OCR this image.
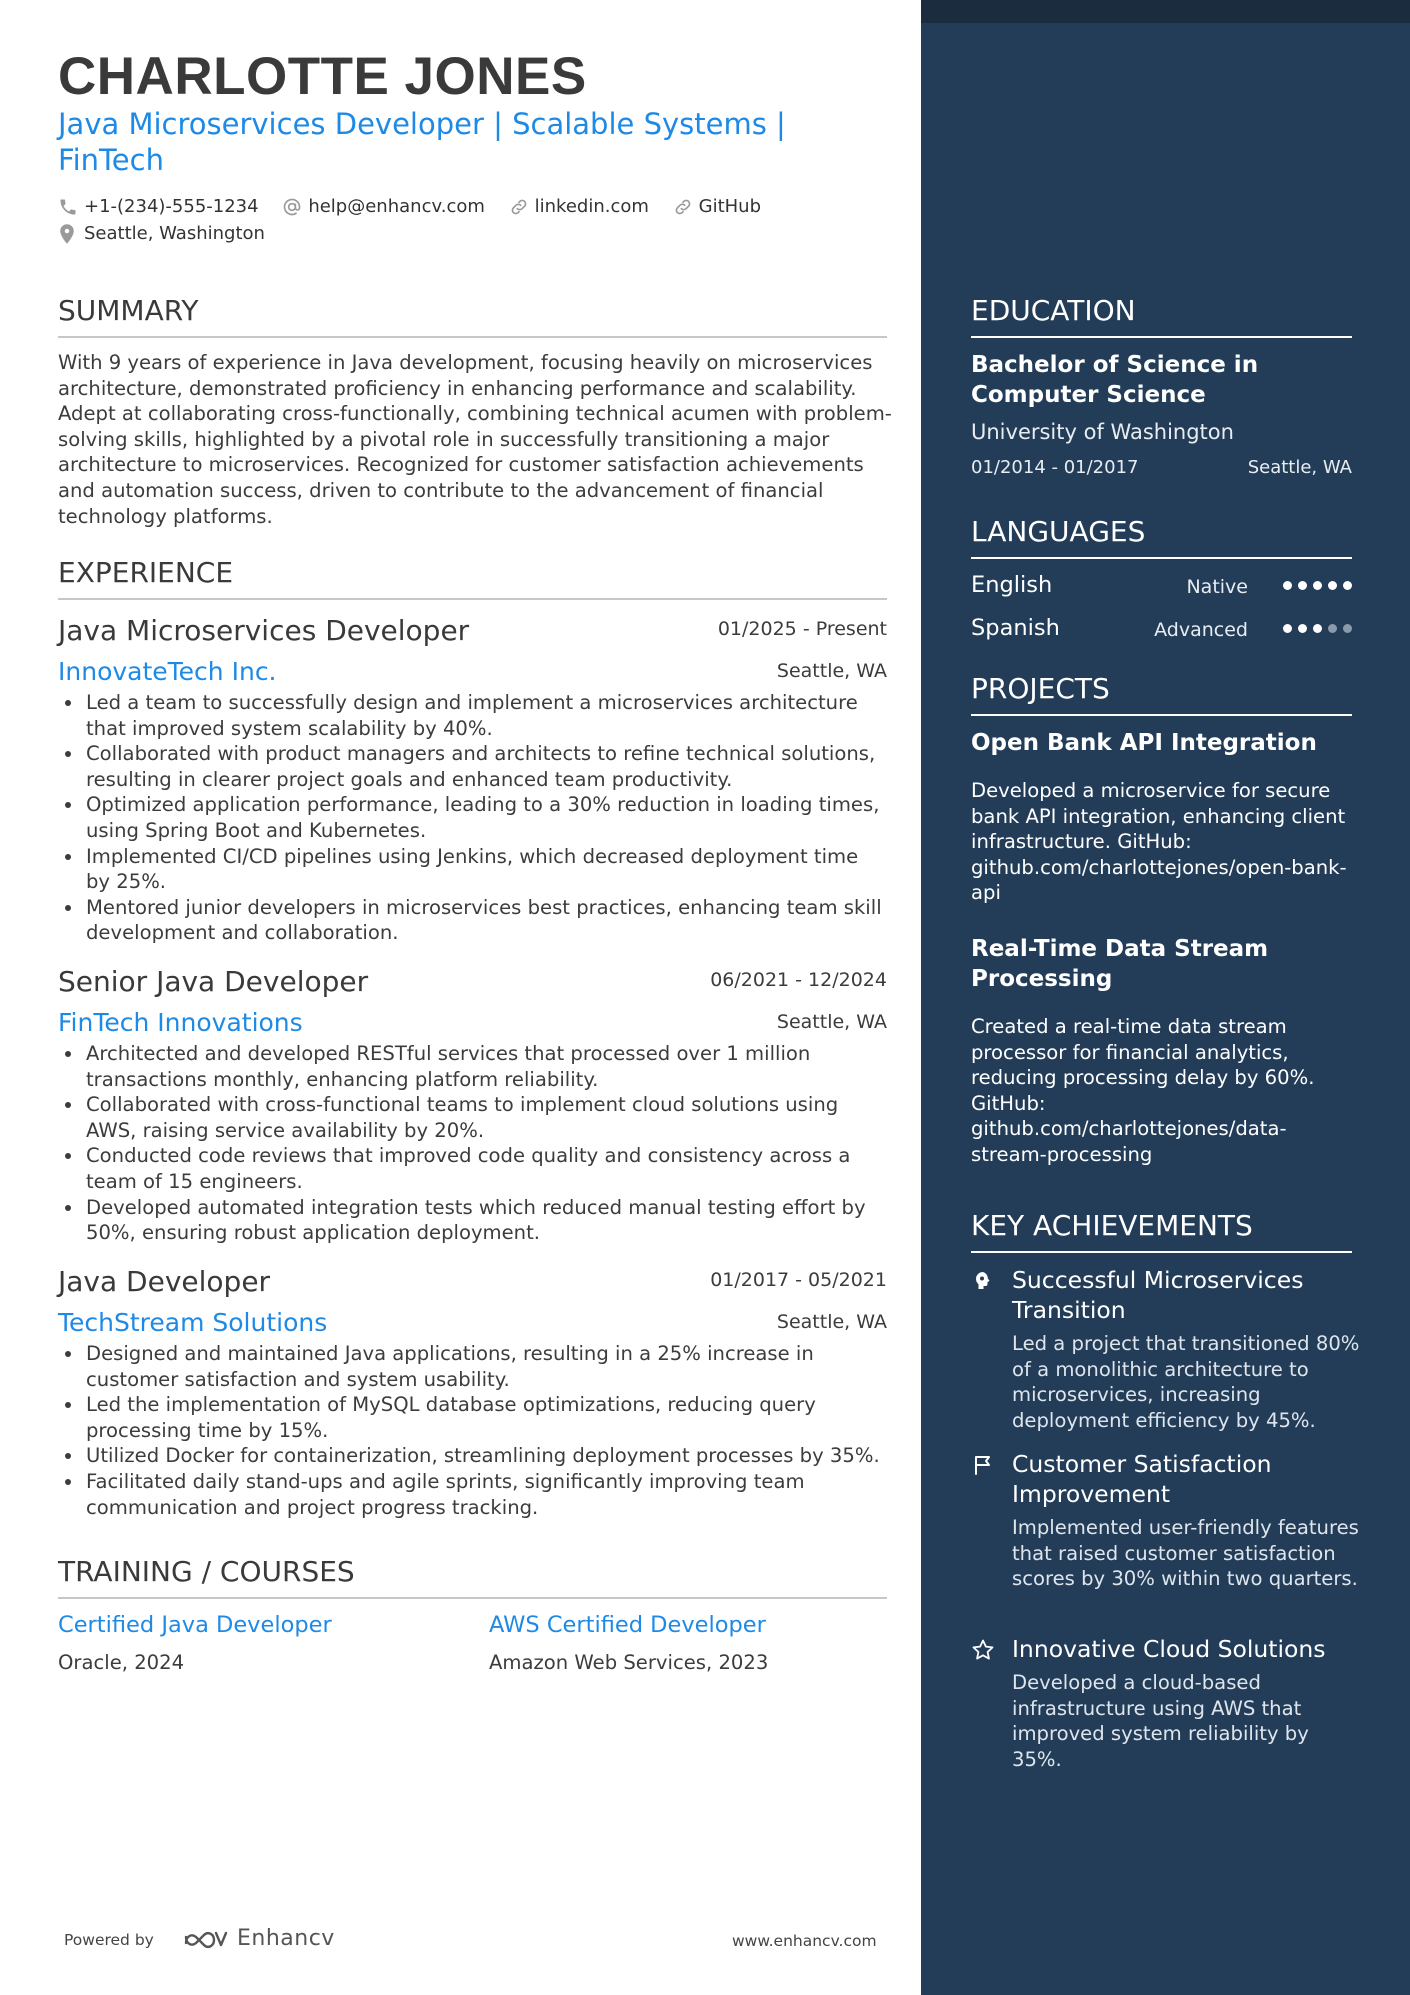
CHARLOTTE JONES
Java Microservices Developer | Scalable Systems | FinTech
+1-(234)-555-1234
	help@enhancv.com
	linkedin.com
	GitHub
Seattle, Washington
SUMMARY
With 9 years of experience in Java development, focusing heavily on microservices architecture, demonstrated proficiency in enhancing performance and scalability. Adept at collaborating cross-functionally, combining technical acumen with problem-solving skills, highlighted by a pivotal role in successfully transitioning a major architecture to microservices. Recognized for customer satisfaction achievements and automation success, driven to contribute to the advancement of financial technology platforms.
EXPERIENCE
Java Microservices Developer	01/2025 - Present
InnovateTech Inc.	Seattle, WA
Led a team to successfully design and implement a microservices architecture that improved system scalability by 40%.
Collaborated with product managers and architects to refine technical solutions, resulting in clearer project goals and enhanced team productivity.
Optimized application performance, leading to a 30% reduction in loading times, using Spring Boot and Kubernetes.
Implemented CI/CD pipelines using Jenkins, which decreased deployment time by 25%.
Mentored junior developers in microservices best practices, enhancing team skill development and collaboration.
Senior Java Developer	06/2021 - 12/2024
FinTech Innovations	Seattle, WA
Architected and developed RESTful services that processed over 1 million transactions monthly, enhancing platform reliability.
Collaborated with cross-functional teams to implement cloud solutions using AWS, raising service availability by 20%.
Conducted code reviews that improved code quality and consistency across a team of 15 engineers.
Developed automated integration tests which reduced manual testing effort by 50%, ensuring robust application deployment.
Java Developer	01/2017 - 05/2021
TechStream Solutions	Seattle, WA
Designed and maintained Java applications, resulting in a 25% increase in customer satisfaction and system usability.
Led the implementation of MySQL database optimizations, reducing query processing time by 15%.
Utilized Docker for containerization, streamlining deployment processes by 35%.
Facilitated daily stand-ups and agile sprints, significantly improving team communication and project progress tracking.
TRAINING / COURSES
Certified Java Developer
Oracle, 2024
AWS Certified Developer
Amazon Web Services, 2023
Powered by	Enhancv	www.enhancv.com
EDUCATION
Bachelor of Science in Computer Science
University of Washington
01/2014 - 01/2017	Seattle, WA
LANGUAGES
English	Native
Spanish	Advanced
PROJECTS
Open Bank API Integration
Developed a microservice for secure bank API integration, enhancing client infrastructure. GitHub: github.com/charlottejones/open-bank-api
Real-Time Data Stream Processing
Created a real-time data stream processor for financial analytics, reducing processing delay by 60%. GitHub: github.com/charlottejones/data-stream-processing
KEY ACHIEVEMENTS
Successful Microservices Transition
Led a project that transitioned 80% of a monolithic architecture to microservices, increasing deployment efficiency by 45%.
Customer Satisfaction Improvement
Implemented user-friendly features that raised customer satisfaction scores by 30% within two quarters.
Innovative Cloud Solutions
Developed a cloud-based infrastructure using AWS that improved system reliability by 35%.
